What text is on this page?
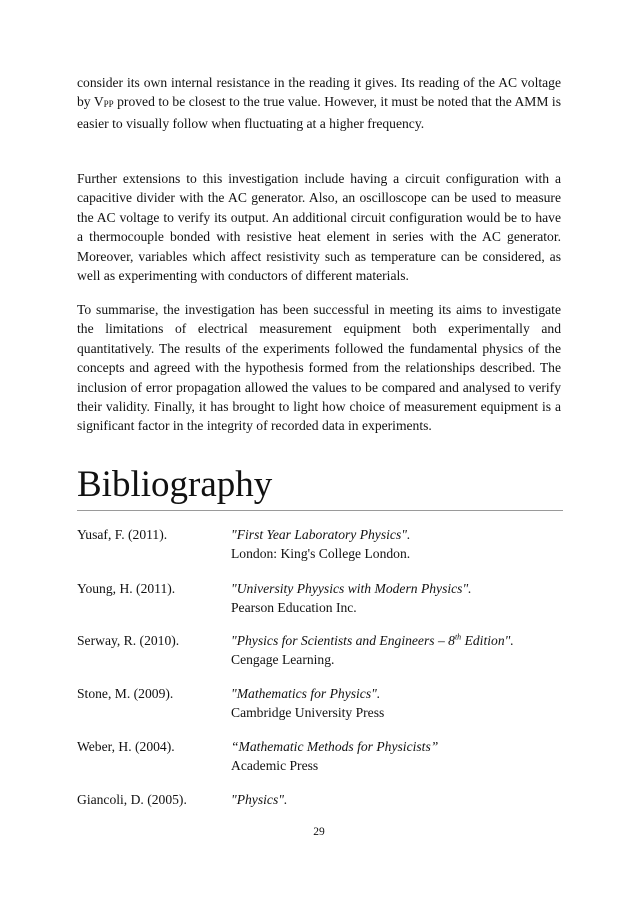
consider its own internal resistance in the reading it gives. Its reading of the AC voltage by VPP proved to be closest to the true value. However, it must be noted that the AMM is easier to visually follow when fluctuating at a higher frequency.

Further extensions to this investigation include having a circuit configuration with a capacitive divider with the AC generator. Also, an oscilloscope can be used to measure the AC voltage to verify its output. An additional circuit configuration would be to have a thermocouple bonded with resistive heat element in series with the AC generator. Moreover, variables which affect resistivity such as temperature can be considered, as well as experimenting with conductors of different materials.

To summarise, the investigation has been successful in meeting its aims to investigate the limitations of electrical measurement equipment both experimentally and quantitatively. The results of the experiments followed the fundamental physics of the concepts and agreed with the hypothesis formed from the relationships described. The inclusion of error propagation allowed the values to be compared and analysed to verify their validity. Finally, it has brought to light how choice of measurement equipment is a significant factor in the integrity of recorded data in experiments.

Bibliography
Yusaf, F. (2011).	"First Year Laboratory Physics".
London: King's College London.
Young, H. (2011).	"University Phyysics with Modern Physics".
Pearson Education Inc.
Serway, R. (2010).	"Physics for Scientists and Engineers – 8th Edition".
Cengage Learning.
Stone, M. (2009).	"Mathematics for Physics".
Cambridge University Press
Weber, H. (2004).	“Mathematic Methods for Physicists”
Academic Press
Giancoli, D. (2005).	"Physics".
29
